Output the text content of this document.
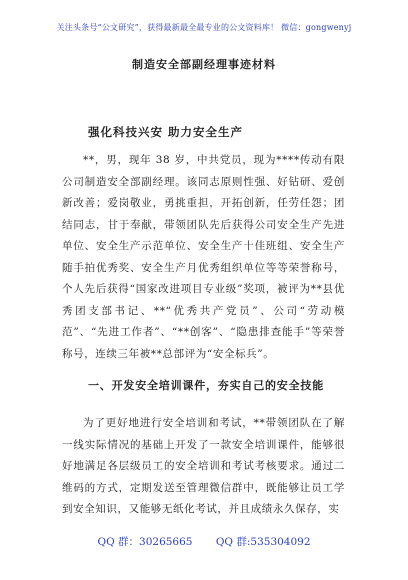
关注头条号“公文研究”，获得最新最全最专业的公文资料库！ 微信：gongwenyj
制造安全部副经理事迹材料
强化科技兴安 助力安全生产

**，男，现年 38 岁，中共党员，现为****传动有限公司制造安全部副经理。该同志原则性强、好钻研、爱创新改善；爱岗敬业，勇挑重担，开拓创新，任劳任怨；团结同志，甘于奉献，带领团队先后获得公司安全生产先进单位、安全生产示范单位、安全生产十佳班组、安全生产随手拍优秀奖、安全生产月优秀组织单位等等荣誉称号，个人先后获得“国家改进项目专业级”奖项，被评为**县优秀团支部书记、**“优秀共产党员”、公司“劳动模范”、“先进工作者”、“**创客”、“隐患排查能手”等荣誉称号，连续三年被**总部评为“安全标兵”。

一、开发安全培训课件，夯实自己的安全技能

为了更好地进行安全培训和考试，**带领团队在了解一线实际情况的基础上开发了一款安全培训课件，能够很好地满足各层级员工的安全培训和考试考核要求。通过二维码的方式，定期发送至管理微信群中，既能够让员工学到安全知识，又能够无纸化考试，并且成绩永久保存，实

QQ 群：30265665 QQ 群:535304092
